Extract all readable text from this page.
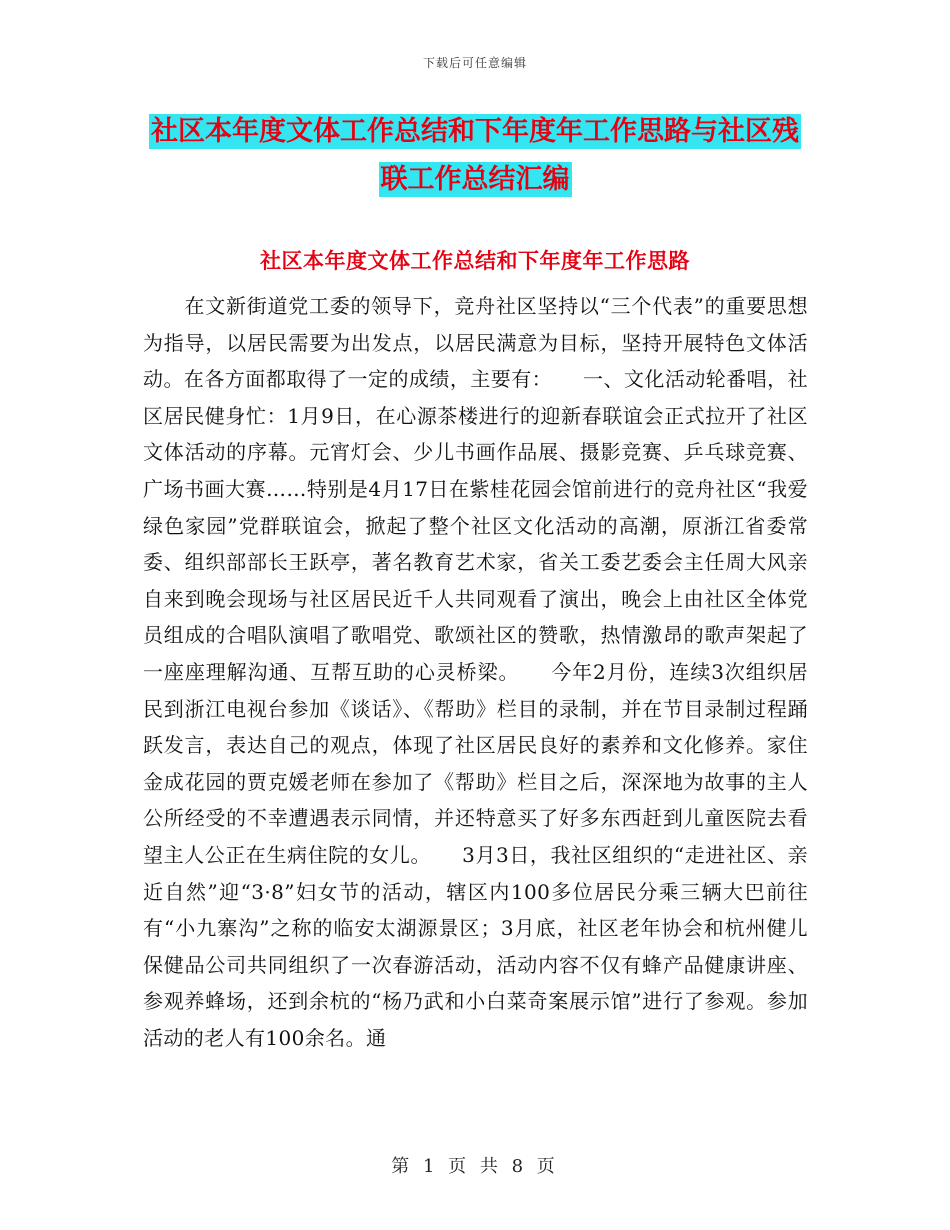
下载后可任意编辑
社区本年度文体工作总结和下年度年工作思路与社区残联工作总结汇编
社区本年度文体工作总结和下年度年工作思路

　　在文新街道党工委的领导下，竞舟社区坚持以“三个代表”的重要思想为指导，以居民需要为出发点，以居民满意为目标，坚持开展特色文体活动。在各方面都取得了一定的成绩，主要有：　　一、文化活动轮番唱，社区居民健身忙：1月9日，在心源茶楼进行的迎新春联谊会正式拉开了社区文体活动的序幕。元宵灯会、少儿书画作品展、摄影竞赛、乒乓球竞赛、广场书画大赛……特别是4月17日在紫桂花园会馆前进行的竞舟社区“我爱绿色家园”党群联谊会，掀起了整个社区文化活动的高潮，原浙江省委常委、组织部部长王跃亭，著名教育艺术家，省关工委艺委会主任周大风亲自来到晚会现场与社区居民近千人共同观看了演出，晚会上由社区全体党员组成的合唱队演唱了歌唱党、歌颂社区的赞歌，热情激昂的歌声架起了一座座理解沟通、互帮互助的心灵桥梁。　　今年2月份，连续3次组织居民到浙江电视台参加《谈话》、《帮助》栏目的录制，并在节目录制过程踊跃发言，表达自己的观点，体现了社区居民良好的素养和文化修养。家住金成花园的贾克媛老师在参加了《帮助》栏目之后，深深地为故事的主人公所经受的不幸遭遇表示同情，并还特意买了好多东西赶到儿童医院去看望主人公正在生病住院的女儿。　　3月3日，我社区组织的“走进社区、亲近自然”迎“3·8”妇女节的活动，辖区内100多位居民分乘三辆大巴前往有“小九寨沟”之称的临安太湖源景区；3月底，社区老年协会和杭州健儿保健品公司共同组织了一次春游活动，活动内容不仅有蜂产品健康讲座、参观养蜂场，还到余杭的“杨乃武和小白菜奇案展示馆”进行了参观。参加活动的老人有100余名。通

第 1 页 共 8 页
